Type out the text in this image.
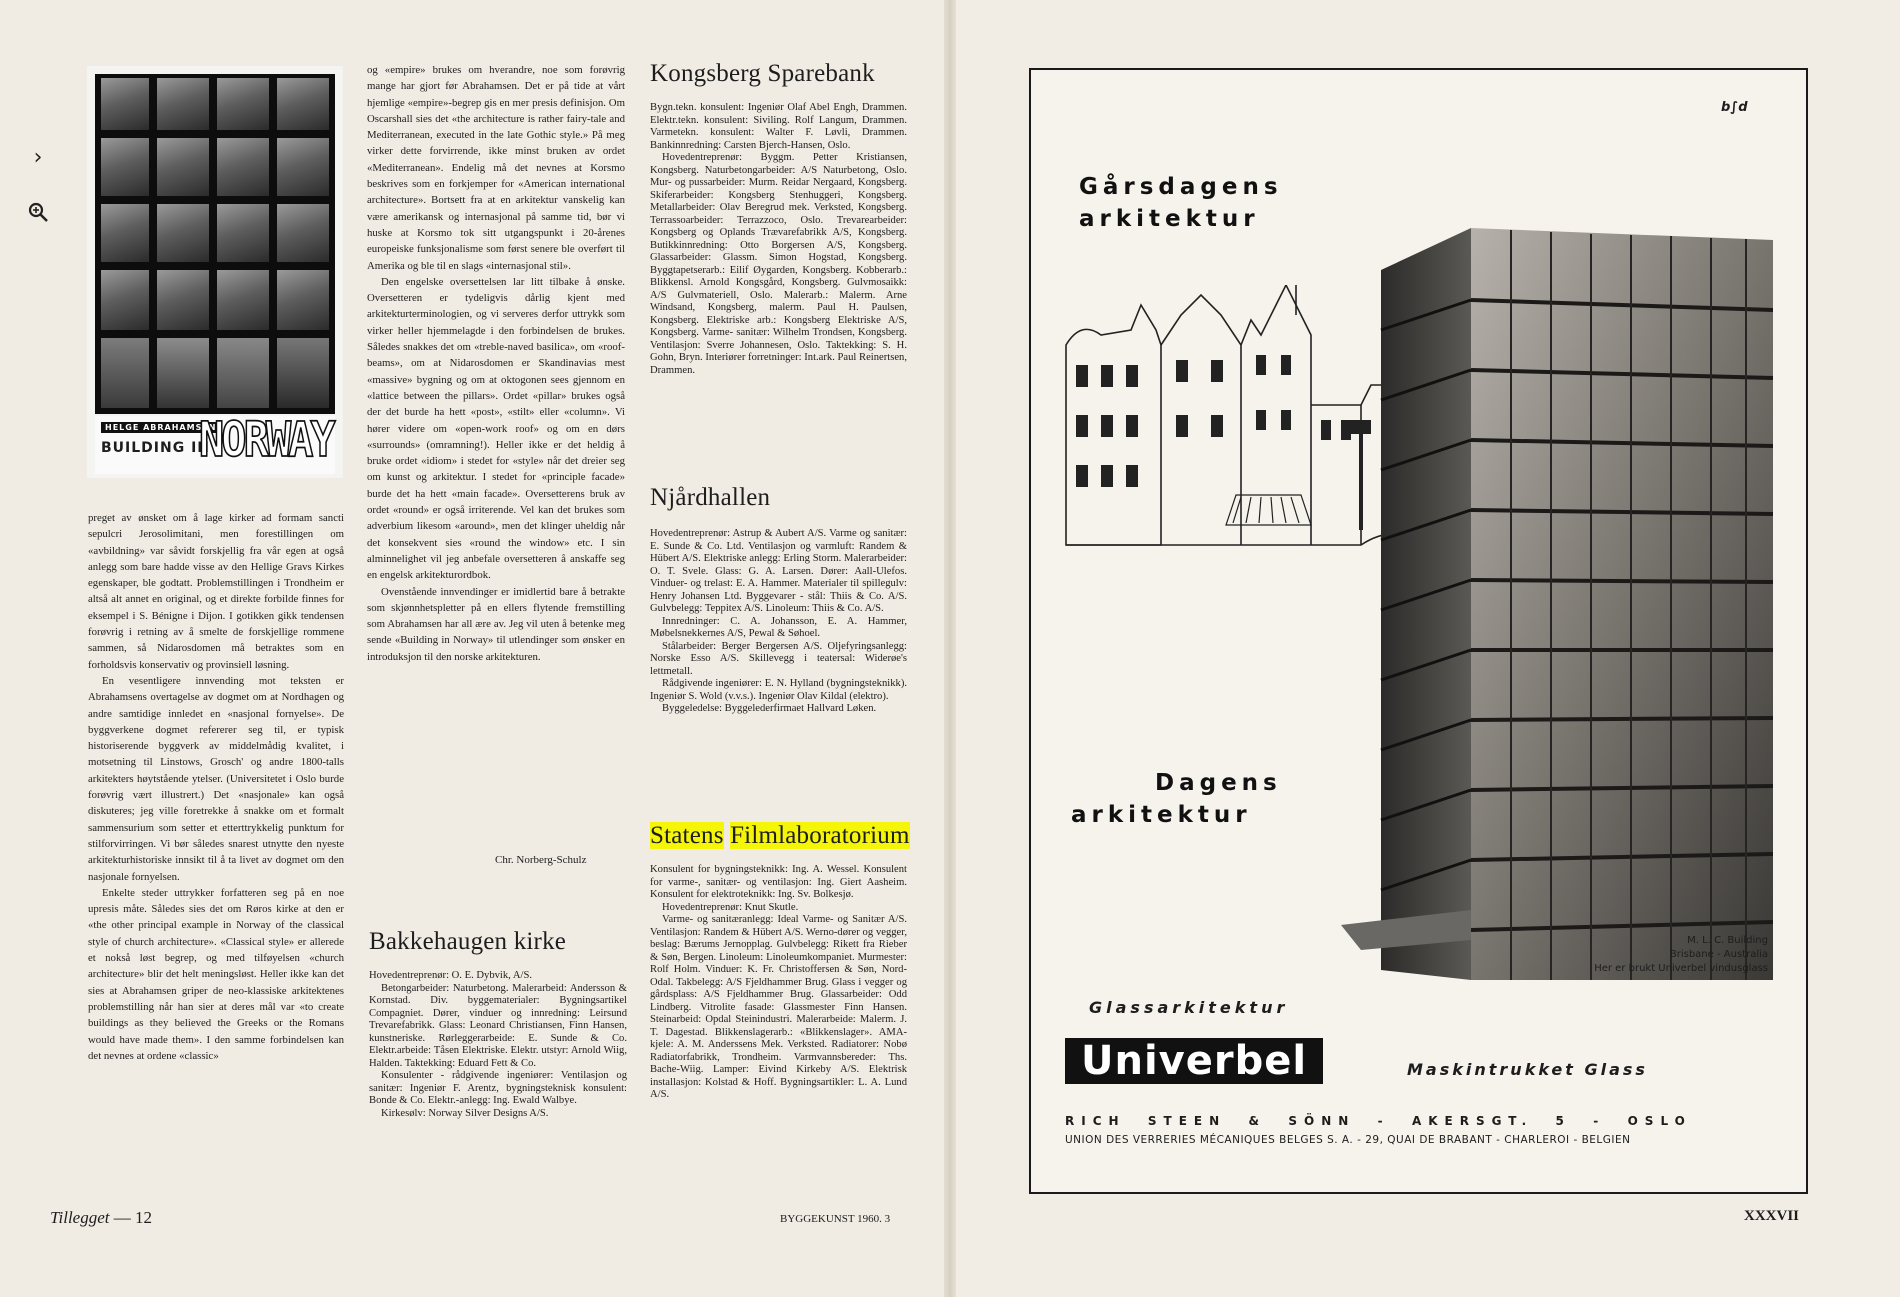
›
HELGE ABRAHAMSEN
BUILDING IN
NORWAY

preget av ønsket om å lage kirker ad formam sancti sepulcri Jerosolimitani, men forestillingen om «avbildning» var såvidt forskjellig fra vår egen at også anlegg som bare hadde visse av den Hellige Gravs Kirkes egenskaper, ble godtatt. Problemstillingen i Trondheim er altså alt annet en original, og et direkte forbilde finnes for eksempel i S. Bénigne i Dijon. I gotikken gikk tendensen forøvrig i retning av å smelte de forskjellige rommene sammen, så Nidarosdomen må betraktes som en forholdsvis konservativ og provinsiell løsning.

En vesentligere innvending mot teksten er Abrahamsens overtagelse av dogmet om at Nordhagen og andre samtidige innledet en «nasjonal fornyelse». De byggverkene dogmet refererer seg til, er typisk historiserende byggverk av middelmådig kvalitet, i motsetning til Linstows, Grosch' og andre 1800-talls arkitekters høytstående ytelser. (Universitetet i Oslo burde forøvrig vært illustrert.) Det «nasjonale» kan også diskuteres; jeg ville foretrekke å snakke om et formalt sammensurium som setter et etterttrykkelig punktum for stilforvirringen. Vi bør således snarest utnytte den nyeste arkitekturhistoriske innsikt til å ta livet av dogmet om den nasjonale fornyelsen.

Enkelte steder uttrykker forfatteren seg på en noe upresis måte. Således sies det om Røros kirke at den er «the other principal example in Norway of the classical style of church architecture». «Classical style» er allerede et nokså løst begrep, og med tilføyelsen «church architecture» blir det helt meningsløst. Heller ikke kan det sies at Abrahamsen griper de neo-klassiske arkitektenes problemstilling når han sier at deres mål var «to create buildings as they believed the Greeks or the Romans would have made them». I den samme forbindelsen kan det nevnes at ordene «classic»

og «empire» brukes om hverandre, noe som forøvrig mange har gjort før Abrahamsen. Det er på tide at vårt hjemlige «empire»-begrep gis en mer presis definisjon. Om Oscarshall sies det «the architecture is rather fairy-tale and Mediterranean, executed in the late Gothic style.» På meg virker dette forvirrende, ikke minst bruken av ordet «Mediterranean». Endelig må det nevnes at Korsmo beskrives som en forkjemper for «American international architecture». Bortsett fra at en arkitektur vanskelig kan være amerikansk og internasjonal på samme tid, bør vi huske at Korsmo tok sitt utgangspunkt i 20-årenes europeiske funksjonalisme som først senere ble overført til Amerika og ble til en slags «internasjonal stil».

Den engelske oversettelsen lar litt tilbake å ønske. Oversetteren er tydeligvis dårlig kjent med arkitekturterminologien, og vi serveres derfor uttrykk som virker heller hjemmelagde i den forbindelsen de brukes. Således snakkes det om «treble-naved basilica», om «roof-beams», om at Nidarosdomen er Skandinavias mest «massive» bygning og om at oktogonen sees gjennom en «lattice between the pillars». Ordet «pillar» brukes også der det burde ha hett «post», «stilt» eller «column». Vi hører videre om «open-work roof» og om en dørs «surrounds» (omramning!). Heller ikke er det heldig å bruke ordet «idiom» i stedet for «style» når det dreier seg om kunst og arkitektur. I stedet for «principle facade» burde det ha hett «main facade». Oversetterens bruk av ordet «round» er også irriterende. Vel kan det brukes som adverbium likesom «around», men det klinger uheldig når det konsekvent sies «round the window» etc. I sin alminnelighet vil jeg anbefale oversetteren å anskaffe seg en engelsk arkitekturordbok.

Ovenstående innvendinger er imidlertid bare å betrakte som skjønnhetspletter på en ellers flytende fremstilling som Abrahamsen har all ære av. Jeg vil uten å betenke meg sende «Building in Norway» til utlendinger som ønsker en introduksjon til den norske arkitekturen.

Chr. Norberg-Schulz
Bakkehaugen kirke

Hovedentreprenør: O. E. Dybvik, A/S.

Betongarbeider: Naturbetong. Malerarbeid: Andersson & Kornstad. Div. byggematerialer: Bygningsartikel Compagniet. Dører, vinduer og innredning: Leirsund Trevarefabrikk. Glass: Leonard Christiansen, Finn Hansen, kunstneriske. Rørleggerarbeide: E. Sunde & Co. Elektr.arbeide: Tåsen Elektriske. Elektr. utstyr: Arnold Wiig, Halden. Taktekking: Eduard Fett & Co.

Konsulenter - rådgivende ingeniører: Ventilasjon og sanitær: Ingeniør F. Arentz, bygningsteknisk konsulent: Bonde & Co. Elektr.-anlegg: Ing. Ewald Walbye.

Kirkesølv: Norway Silver Designs A/S.

Kongsberg Sparebank

Bygn.tekn. konsulent: Ingeniør Olaf Abel Engh, Drammen. Elektr.tekn. konsulent: Siviling. Rolf Langum, Drammen. Varmetekn. konsulent: Walter F. Løvli, Drammen. Bankinnredning: Carsten Bjerch-Hansen, Oslo.

Hovedentreprenør: Byggm. Petter Kristiansen, Kongsberg. Naturbetongarbeider: A/S Naturbetong, Oslo. Mur- og pussarbeider: Murm. Reidar Nergaard, Kongsberg. Skiferarbeider: Kongsberg Stenhuggeri, Kongsberg. Metallarbeider: Olav Beregrud mek. Verksted, Kongsberg. Terrassoarbeider: Terrazzoco, Oslo. Trevarearbeider: Kongsberg og Oplands Trævarefabrikk A/S, Kongsberg. Butikkinnredning: Otto Borgersen A/S, Kongsberg. Glassarbeider: Glassm. Simon Hogstad, Kongsberg. Byggtapetserarb.: Eilif Øygarden, Kongsberg. Kobberarb.: Blikkensl. Arnold Kongsgård, Kongsberg. Gulvmosaikk: A/S Gulvmateriell, Oslo. Malerarb.: Malerm. Arne Windsand, Kongsberg, malerm. Paul H. Paulsen, Kongsberg. Elektriske arb.: Kongsberg Elektriske A/S, Kongsberg. Varme- sanitær: Wilhelm Trondsen, Kongsberg. Ventilasjon: Sverre Johannesen, Oslo. Taktekking: S. H. Gohn, Bryn. Interiører forretninger: Int.ark. Paul Reinertsen, Drammen.

Njårdhallen

Hovedentreprenør: Astrup & Aubert A/S. Varme og sanitær: E. Sunde & Co. Ltd. Ventilasjon og varmluft: Randem & Hübert A/S. Elektriske anlegg: Erling Storm. Malerarbeider: O. T. Svele. Glass: G. A. Larsen. Dører: Aall-Ulefos. Vinduer- og trelast: E. A. Hammer. Materialer til spillegulv: Henry Johansen Ltd. Byggevarer - stål: Thiis & Co. A/S. Gulvbelegg: Teppitex A/S. Linoleum: Thiis & Co. A/S.

Innredninger: C. A. Johansson, E. A. Hammer, Møbelsnekkernes A/S, Pewal & Søhoel.

Stålarbeider: Berger Bergersen A/S. Oljefyringsanlegg: Norske Esso A/S. Skillevegg i teatersal: Widerøe's lettmetall.

Rådgivende ingeniører: E. N. Hylland (bygningsteknikk). Ingeniør S. Wold (v.v.s.). Ingeniør Olav Kildal (elektro).

Byggeledelse: Byggelederfirmaet Hallvard Løken.

Statens Filmlaboratorium

Konsulent for bygningsteknikk: Ing. A. Wessel. Konsulent for varme-, sanitær- og ventilasjon: Ing. Giert Aasheim. Konsulent for elektroteknikk: Ing. Sv. Bolkesjø.

Hovedentreprenør: Knut Skutle.

Varme- og sanitæranlegg: Ideal Varme- og Sanitær A/S. Ventilasjon: Randem & Hübert A/S. Werno-dører og vegger, beslag: Bærums Jernopplag. Gulvbelegg: Rikett fra Rieber & Søn, Bergen. Linoleum: Linoleumkompaniet. Murmester: Rolf Holm. Vinduer: K. Fr. Christoffersen & Søn, Nord-Odal. Takbelegg: A/S Fjeldhammer Brug. Glass i vegger og gårdsplass: A/S Fjeldhammer Brug. Glassarbeider: Odd Lindberg. Vitrolite fasade: Glassmester Finn Hansen. Steinarbeid: Opdal Steinindustri. Malerarbeide: Malerm. J. T. Dagestad. Blikkenslagerarb.: «Blikkenslager». AMA-kjele: A. M. Anderssens Mek. Verksted. Radiatorer: Nobø Radiatorfabrikk, Trondheim. Varmvannsbereder: Ths. Bache-Wiig. Lamper: Eivind Kirkeby A/S. Elektrisk installasjon: Kolstad & Hoff. Bygningsartikler: L. A. Lund A/S.

Tillegget — 12	BYGGEKUNST 1960. 3
b∫d
Gårsdagens
arkitektur
Dagens
arkitektur
M. L. C. Building
Brisbane - Australia
Her er brukt Univerbel vindusglass
Glassarkitektur
Univerbel	Maskintrukket Glass
RICH  STEEN  &  SÖNN  -  AKERSGT.  5  -  OSLO
UNION DES VERRERIES MÉCANIQUES BELGES S. A. - 29, QUAI DE BRABANT - CHARLEROI - BELGIEN
XXXVII
